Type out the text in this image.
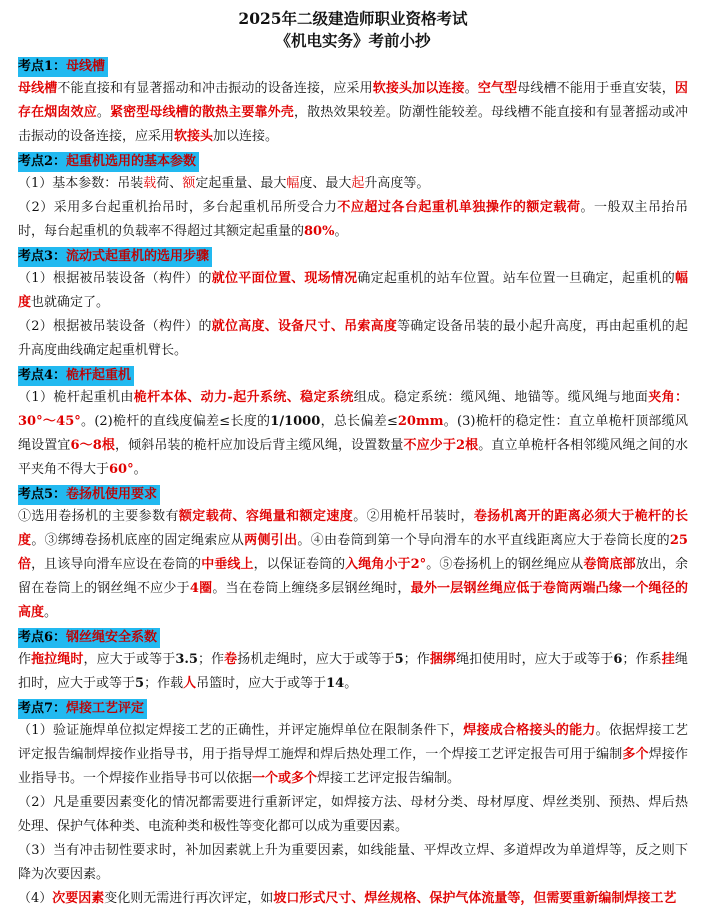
2025年二级建造师职业资格考试
《机电实务》考前小抄
考点1：母线槽
母线槽不能直接和有显著摇动和冲击振动的设备连接，应采用软接头加以连接。空气型母线槽不能用于垂直安装，因存在烟囱效应。紧密型母线槽的散热主要靠外壳，散热效果较差。防潮性能较差。母线槽不能直接和有显著摇动或冲击振动的设备连接，应采用软接头加以连接。
考点2：起重机选用的基本参数
（1）基本参数：吊装载荷、额定起重量、最大幅度、最大起升高度等。
（2）采用多台起重机抬吊时，多台起重机吊所受合力不应超过各台起重机单独操作的额定载荷。一般双主吊抬吊时，每台起重机的负载率不得超过其额定起重量的80%。
考点3：流动式起重机的选用步骤
（1）根据被吊装设备（构件）的就位平面位置、现场情况确定起重机的站车位置。站车位置一旦确定，起重机的幅度也就确定了。
（2）根据被吊装设备（构件）的就位高度、设备尺寸、吊索高度等确定设备吊装的最小起升高度，再由起重机的起升高度曲线确定起重机臂长。
考点4：桅杆起重机
（1）桅杆起重机由桅杆本体、动力-起升系统、稳定系统组成。稳定系统：缆风绳、地锚等。缆风绳与地面夹角：30°～45°。(2)桅杆的直线度偏差≤长度的1/1000，总长偏差≤20mm。(3)桅杆的稳定性：直立单桅杆顶部缆风绳设置宜6～8根，倾斜吊装的桅杆应加设后背主缆风绳，设置数量不应少于2根。直立单桅杆各相邻缆风绳之间的水平夹角不得大于60°。
考点5：卷扬机使用要求
①选用卷扬机的主要参数有额定载荷、容绳量和额定速度。②用桅杆吊装时，卷扬机离开的距离必须大于桅杆的长度。③绑缚卷扬机底座的固定绳索应从两侧引出。④由卷筒到第一个导向滑车的水平直线距离应大于卷筒长度的25倍，且该导向滑车应设在卷筒的中垂线上，以保证卷筒的入绳角小于2°。⑤卷扬机上的钢丝绳应从卷筒底部放出，余留在卷筒上的钢丝绳不应少于4圈。当在卷筒上缠绕多层钢丝绳时，最外一层钢丝绳应低于卷筒两端凸缘一个绳径的高度。
考点6：钢丝绳安全系数
作拖拉绳时，应大于或等于3.5；作卷扬机走绳时，应大于或等于5；作捆绑绳扣使用时，应大于或等于6；作系挂绳扣时，应大于或等于5；作载人吊篮时，应大于或等于14。
考点7：焊接工艺评定
（1）验证施焊单位拟定焊接工艺的正确性，并评定施焊单位在限制条件下，焊接成合格接头的能力。依据焊接工艺评定报告编制焊接作业指导书，用于指导焊工施焊和焊后热处理工作，一个焊接工艺评定报告可用于编制多个焊接作业指导书。一个焊接作业指导书可以依据一个或多个焊接工艺评定报告编制。
（2）凡是重要因素变化的情况都需要进行重新评定，如焊接方法、母材分类、母材厚度、焊丝类别、预热、焊后热处理、保护气体种类、电流种类和极性等变化都可以成为重要因素。
（3）当有冲击韧性要求时，补加因素就上升为重要因素，如线能量、平焊改立焊、多道焊改为单道焊等，反之则下降为次要因素。
（4）次要因素变化则无需进行再次评定，如坡口形式尺寸、焊丝规格、保护气体流量等，但需要重新编制焊接工艺
